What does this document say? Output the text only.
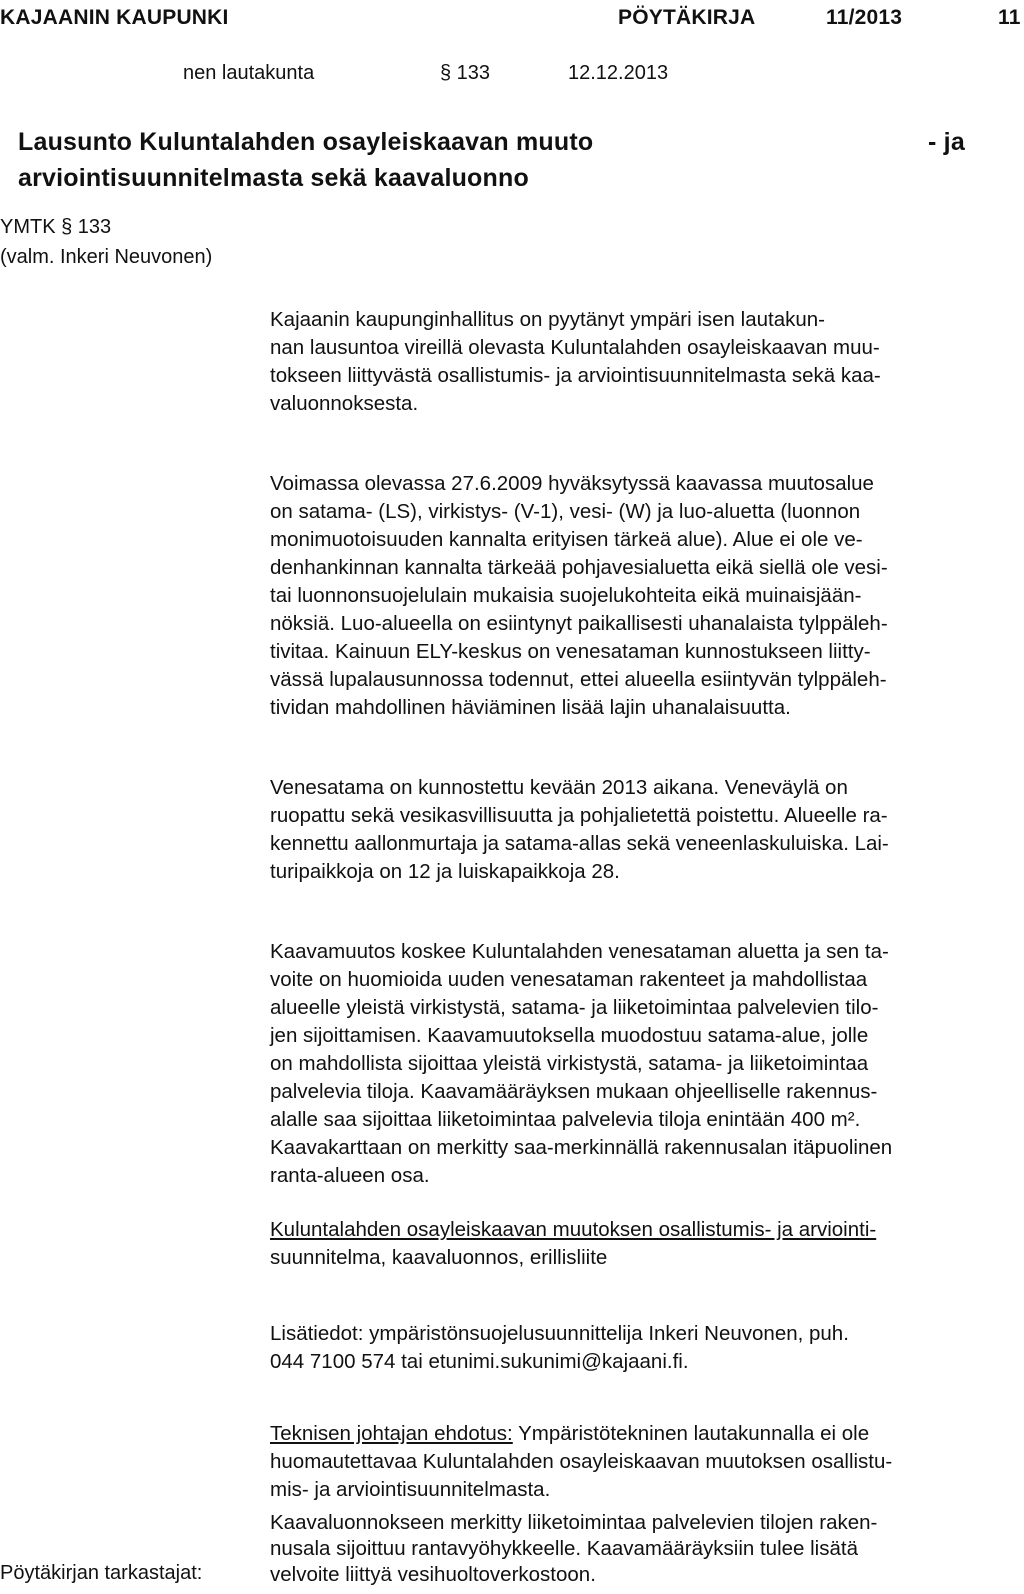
KAJAANIN KAUPUNKI	PÖYTÄKIRJA	11/2013	11
nen lautakunta	§ 133	12.12.2013
Lausunto Kuluntalahden osayleiskaavan muuto	- ja
arviointisuunnitelmasta sekä kaavaluonno
YMTK § 133
(valm. Inkeri Neuvonen)

Kajaanin kaupunginhallitus on pyytänyt ympäri isen lautakun-

nan lausuntoa vireillä olevasta Kuluntalahden osayleiskaavan muu-

tokseen liittyvästä osallistumis- ja arviointisuunnitelmasta sekä kaa-

valuonnoksesta.

Voimassa olevassa 27.6.2009 hyväksytyssä kaavassa muutosalue

on satama- (LS), virkistys- (V-1), vesi- (W) ja luo-aluetta (luonnon

monimuotoisuuden kannalta erityisen tärkeä alue). Alue ei ole ve-

denhankinnan kannalta tärkeää pohjavesialuetta eikä siellä ole vesi-

tai luonnonsuojelulain mukaisia suojelukohteita eikä muinaisjään-

nöksiä. Luo-alueella on esiintynyt paikallisesti uhanalaista tylppäleh-

tivitaa. Kainuun ELY-keskus on venesataman kunnostukseen liitty-

vässä lupalausunnossa todennut, ettei alueella esiintyvän tylppäleh-

tividan mahdollinen häviäminen lisää lajin uhanalaisuutta.

Venesatama on kunnostettu kevään 2013 aikana. Veneväylä on

ruopattu sekä vesikasvillisuutta ja pohjalietettä poistettu. Alueelle ra-

kennettu aallonmurtaja ja satama-allas sekä veneenlaskuluiska. Lai-

turipaikkoja on 12 ja luiskapaikkoja 28.

Kaavamuutos koskee Kuluntalahden venesataman aluetta ja sen ta-

voite on huomioida uuden venesataman rakenteet ja mahdollistaa

alueelle yleistä virkistystä, satama- ja liiketoimintaa palvelevien tilo-

jen sijoittamisen. Kaavamuutoksella muodostuu satama-alue, jolle

on mahdollista sijoittaa yleistä virkistystä, satama- ja liiketoimintaa

palvelevia tiloja. Kaavamääräyksen mukaan ohjeelliselle rakennus-

alalle saa sijoittaa liiketoimintaa palvelevia tiloja enintään 400 m².

Kaavakarttaan on merkitty saa-merkinnällä rakennusalan itäpuolinen

ranta-alueen osa.

Kuluntalahden osayleiskaavan muutoksen osallistumis- ja arviointi-

suunnitelma, kaavaluonnos, erillisliite

Lisätiedot: ympäristönsuojelusuunnittelija Inkeri Neuvonen, puh.

044 7100 574 tai etunimi.sukunimi@kajaani.fi.

Teknisen johtajan ehdotus: Ympäristötekninen lautakunnalla ei ole

huomautettavaa Kuluntalahden osayleiskaavan muutoksen osallistu-

mis- ja arviointisuunnitelmasta.

Kaavaluonnokseen merkitty liiketoimintaa palvelevien tilojen raken-

nusala sijoittuu rantavyöhykkeelle. Kaavamääräyksiin tulee lisätä

velvoite liittyä vesihuoltoverkostoon.

Pöytäkirjan tarkastajat:
